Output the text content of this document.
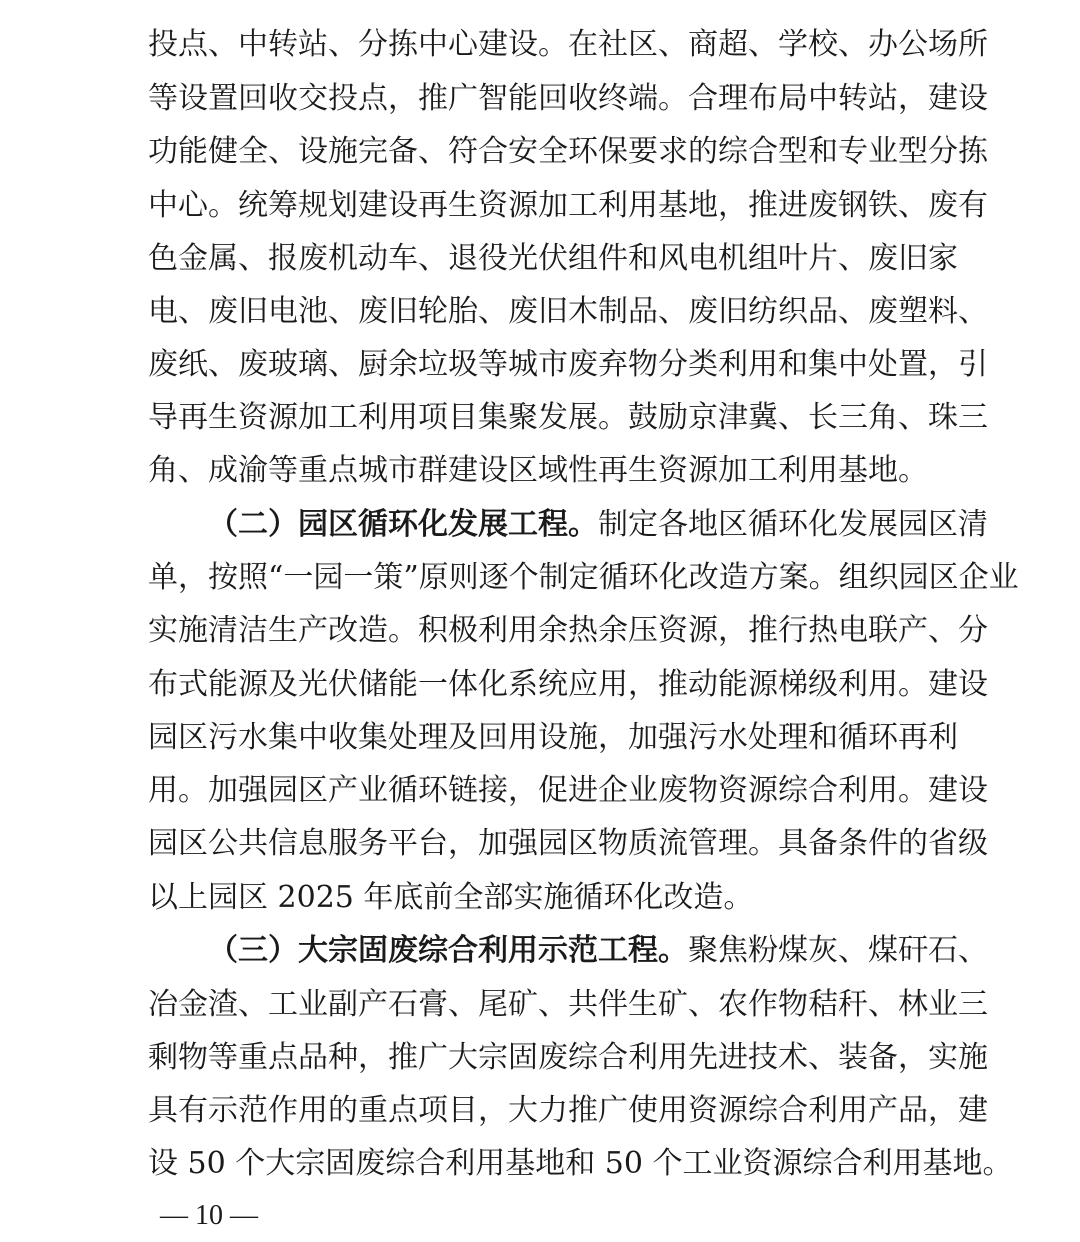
投点、中转站、分拣中心建设。在社区、商超、学校、办公场所
等设置回收交投点，推广智能回收终端。合理布局中转站，建设
功能健全、设施完备、符合安全环保要求的综合型和专业型分拣
中心。统筹规划建设再生资源加工利用基地，推进废钢铁、废有
色金属、报废机动车、退役光伏组件和风电机组叶片、废旧家
电、废旧电池、废旧轮胎、废旧木制品、废旧纺织品、废塑料、
废纸、废玻璃、厨余垃圾等城市废弃物分类利用和集中处置，引
导再生资源加工利用项目集聚发展。鼓励京津冀、长三角、珠三
角、成渝等重点城市群建设区域性再生资源加工利用基地。
（二）园区循环化发展工程。制定各地区循环化发展园区清
单，按照“一园一策”原则逐个制定循环化改造方案。组织园区企业
实施清洁生产改造。积极利用余热余压资源，推行热电联产、分
布式能源及光伏储能一体化系统应用，推动能源梯级利用。建设
园区污水集中收集处理及回用设施，加强污水处理和循环再利
用。加强园区产业循环链接，促进企业废物资源综合利用。建设
园区公共信息服务平台，加强园区物质流管理。具备条件的省级
以上园区 2025 年底前全部实施循环化改造。
（三）大宗固废综合利用示范工程。聚焦粉煤灰、煤矸石、
冶金渣、工业副产石膏、尾矿、共伴生矿、农作物秸秆、林业三
剩物等重点品种，推广大宗固废综合利用先进技术、装备，实施
具有示范作用的重点项目，大力推广使用资源综合利用产品，建
设 50 个大宗固废综合利用基地和 50 个工业资源综合利用基地。
— 10 —
